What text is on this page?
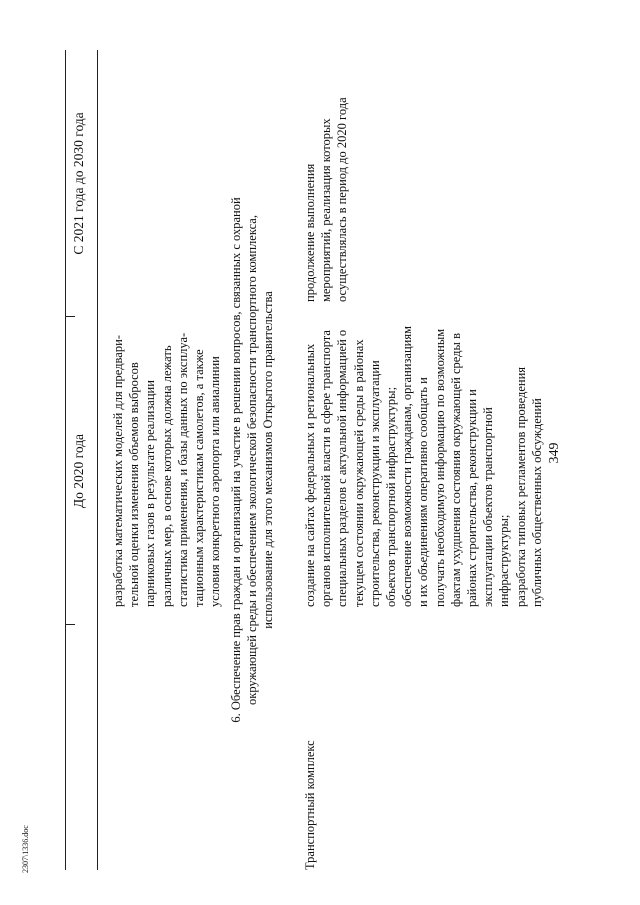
349
2307\1336.doc
До 2020 года
С 2021 года до 2030 года
разработка математических моделей для предвари- тельной оценки изменения объемов выбросов парниковых газов в результате реализации различных мер, в основе которых должна лежать статистика применения, и базы данных по эксплуа- тационным характеристикам самолетов, а также условия конкретного аэропорта или авиалинии 6. Обеспечение прав граждан и организаций на участие в решении вопросов, связанных с охраной окружающей среды и обеспечением экологической безопасности транспортного комплекса, использование для этого механизмов Открытого правительства
Транспортный комплекс
создание на сайтах федеральных и региональных органов исполнительной власти в сфере транспорта специальных разделов с актуальной информацией о текущем состоянии окружающей среды в районах строительства, реконструкции и эксплуатации объектов транспортной инфраструктуры; обеспечение возможности гражданам, организациям и их объединениям оперативно сообщать и получать необходимую информацию по возможным фактам ухудшения состояния окружающей среды в районах строительства, реконструкции и эксплуатации объектов транспортной инфраструктуры; разработка типовых регламентов проведения публичных общественных обсуждений
продолжение выполнения мероприятий, реализация которых осуществлялась в период до 2020 года
